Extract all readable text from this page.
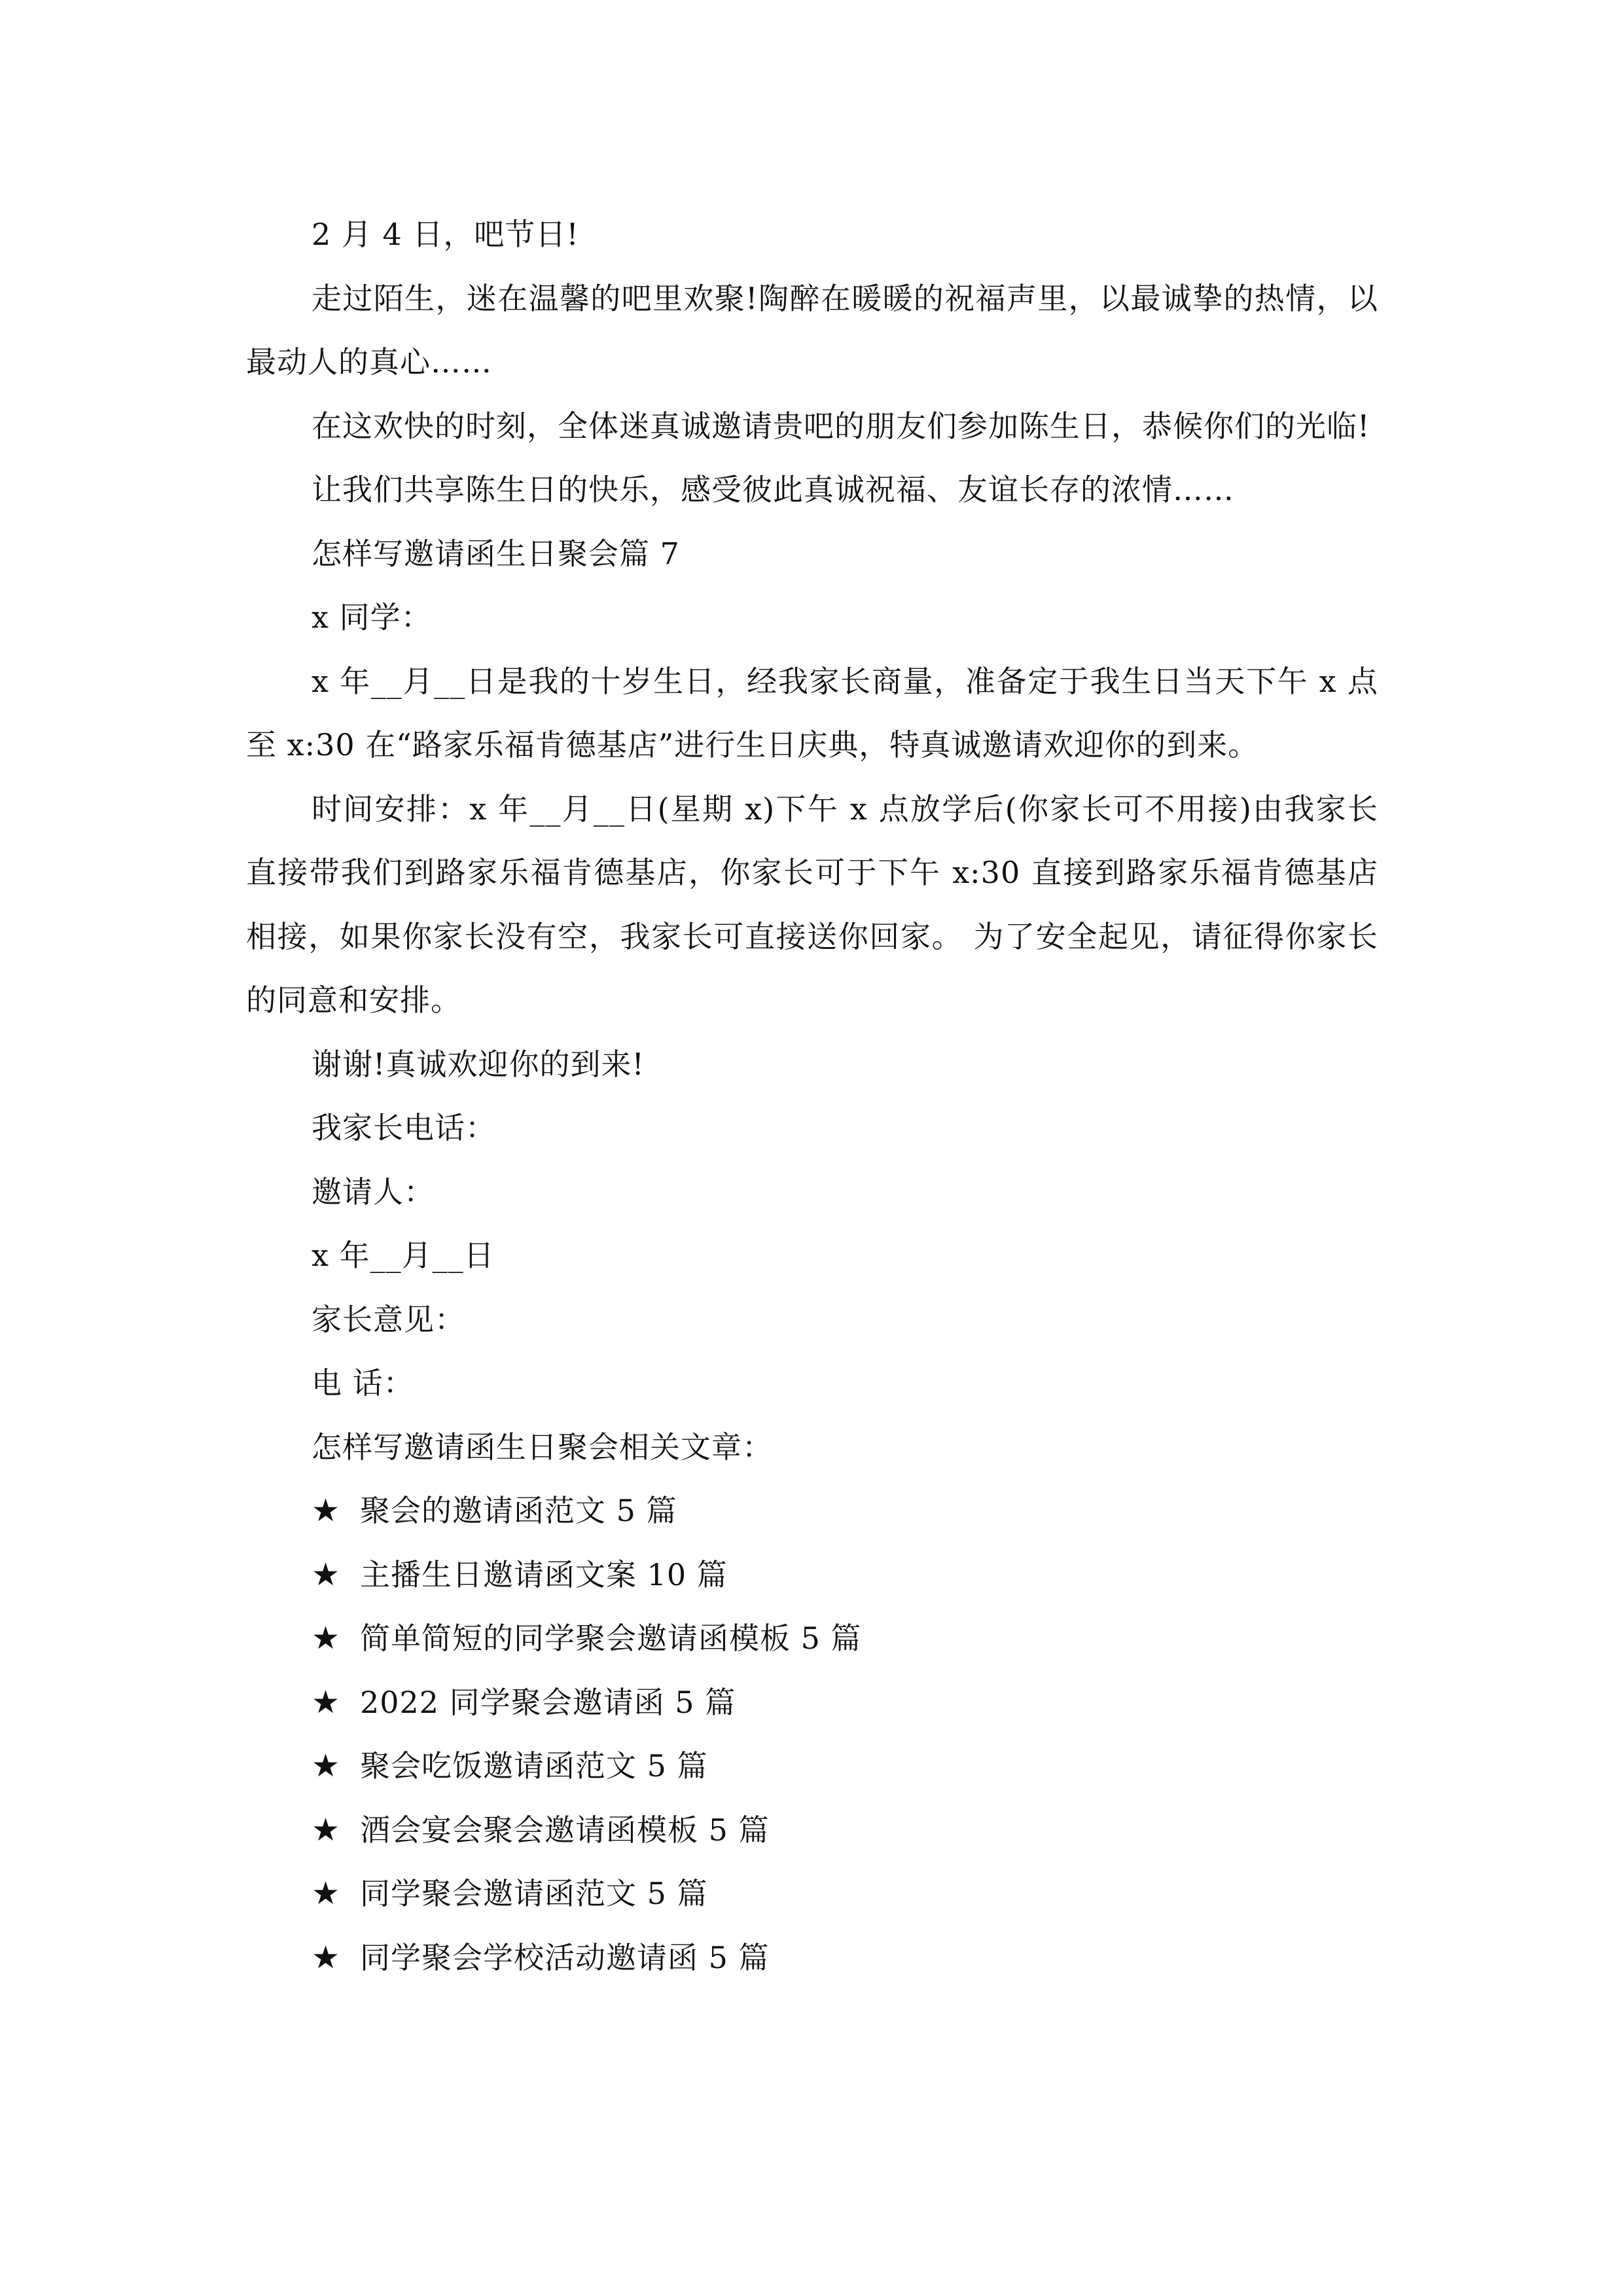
2 月 4 日，吧节日!

走过陌生，迷在温馨的吧里欢聚!陶醉在暖暖的祝福声里，以最诚挚的热情，以最动人的真心……

在这欢快的时刻，全体迷真诚邀请贵吧的朋友们参加陈生日，恭候你们的光临!

让我们共享陈生日的快乐，感受彼此真诚祝福、友谊长存的浓情……

怎样写邀请函生日聚会篇 7

x 同学：

x 年__月__日是我的十岁生日，经我家长商量，准备定于我生日当天下午 x 点至 x:30 在“路家乐福肯德基店”进行生日庆典，特真诚邀请欢迎你的到来。

时间安排：x 年__月__日(星期 x)下午 x 点放学后(你家长可不用接)由我家长直接带我们到路家乐福肯德基店，你家长可于下午 x:30 直接到路家乐福肯德基店相接，如果你家长没有空，我家长可直接送你回家。 为了安全起见，请征得你家长的同意和安排。

谢谢!真诚欢迎你的到来!

我家长电话：

邀请人：

x 年__月__日

家长意见：

电 话：

怎样写邀请函生日聚会相关文章：

★ 聚会的邀请函范文 5 篇

★ 主播生日邀请函文案 10 篇

★ 简单简短的同学聚会邀请函模板 5 篇

★ 2022 同学聚会邀请函 5 篇

★ 聚会吃饭邀请函范文 5 篇

★ 酒会宴会聚会邀请函模板 5 篇

★ 同学聚会邀请函范文 5 篇

★ 同学聚会学校活动邀请函 5 篇
